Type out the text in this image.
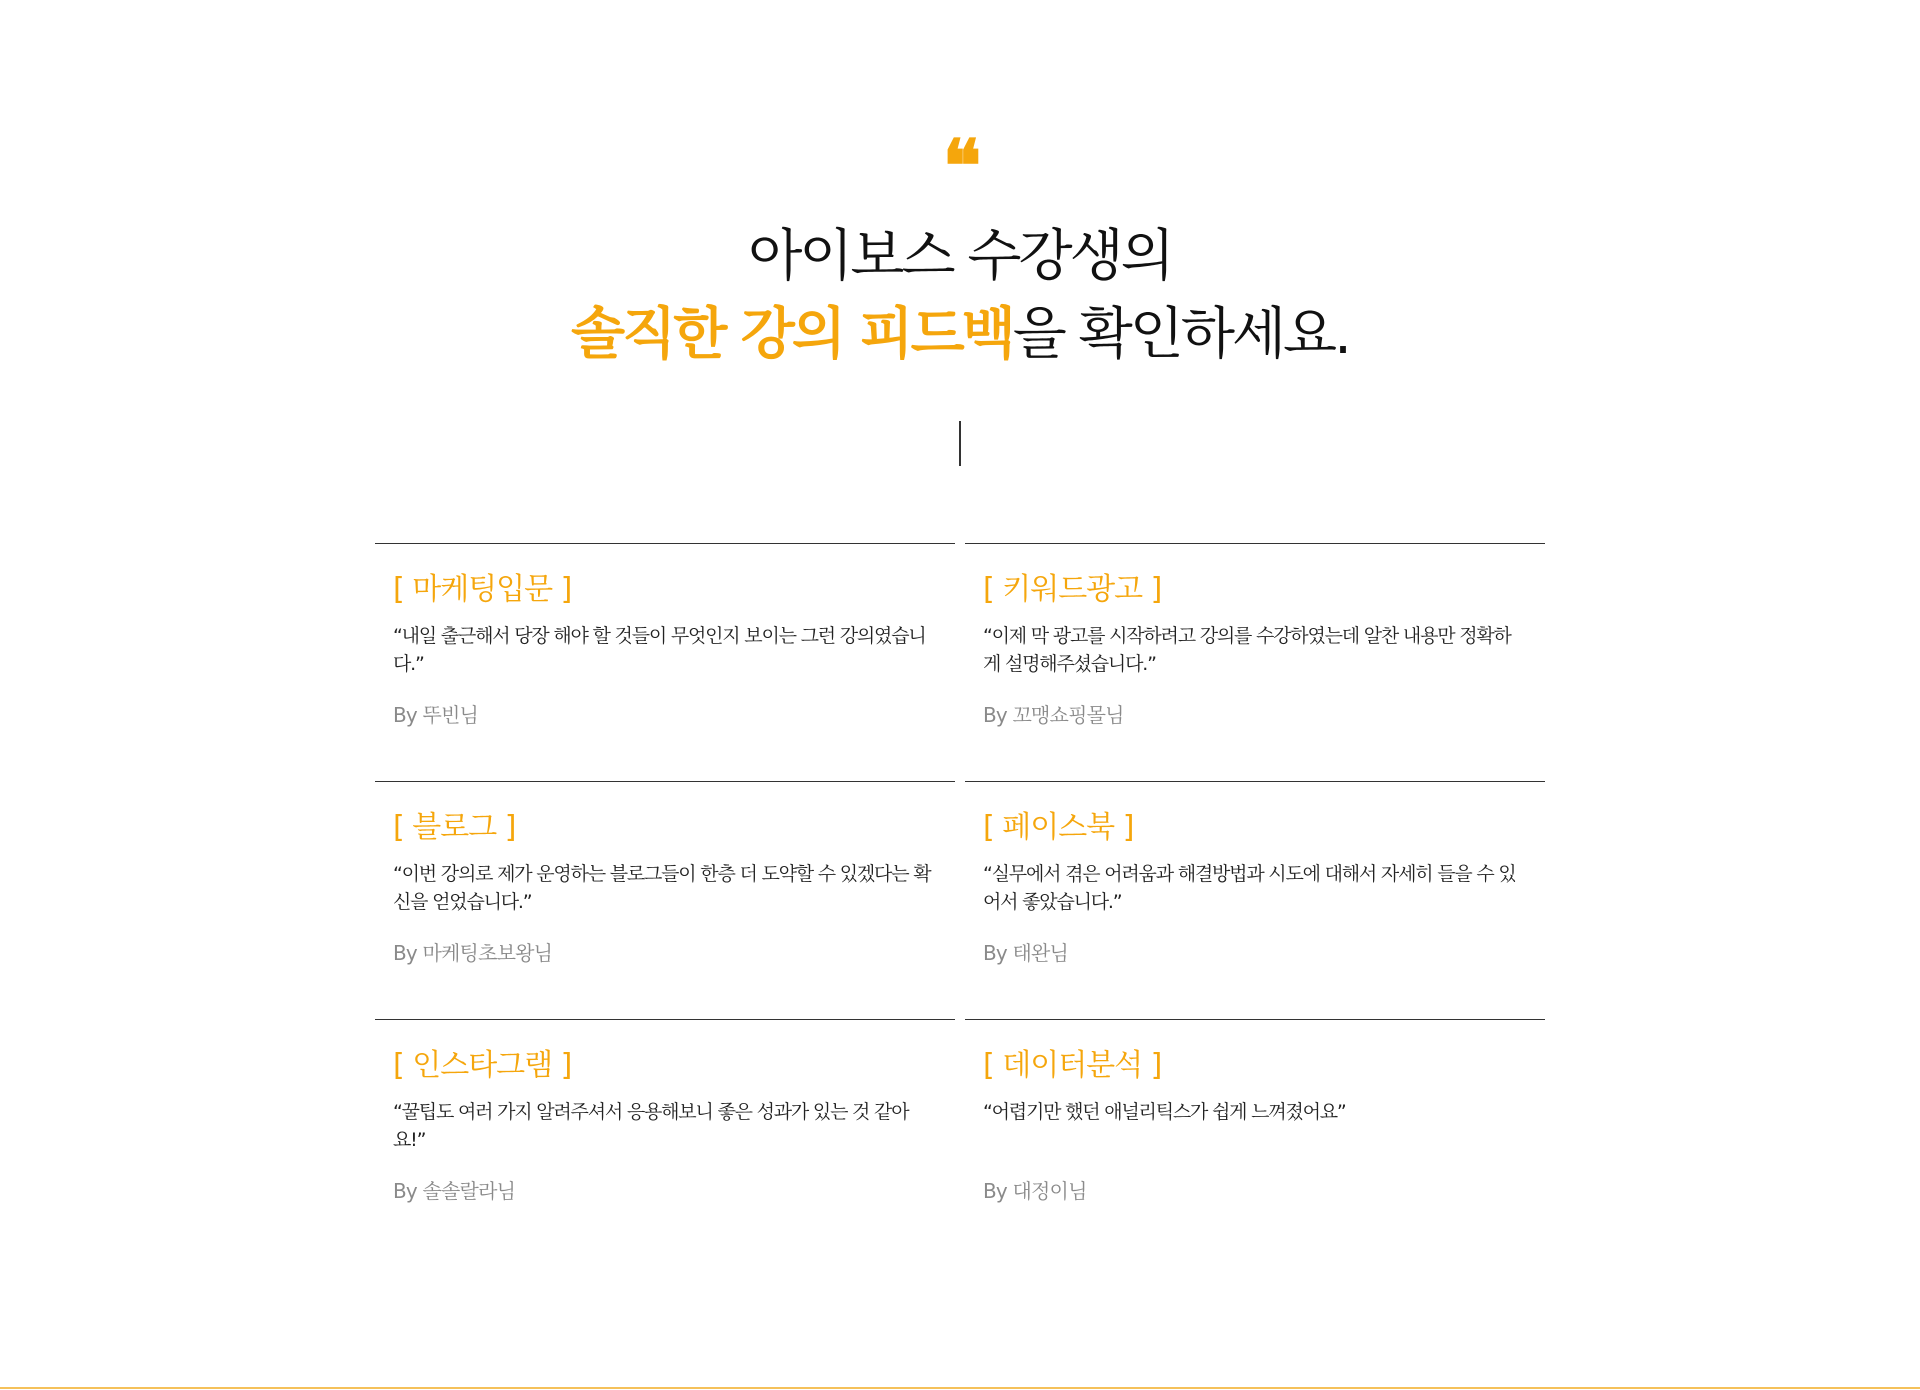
❝
아이보스 수강생의
솔직한 강의 피드백을 확인하세요.

[ 마케팅입문 ]

“내일 출근해서 당장 해야 할 것들이 무엇인지 보이는 그런 강의였습니다.”
By 뚜빈님

[ 키워드광고 ]

“이제 막 광고를 시작하려고 강의를 수강하였는데 알찬 내용만 정확하게 설명해주셨습니다.”
By 꼬맹쇼핑몰님

[ 블로그 ]

“이번 강의로 제가 운영하는 블로그들이 한층 더 도약할 수 있겠다는 확신을 얻었습니다.”
By 마케팅초보왕님

[ 페이스북 ]

“실무에서 겪은 어려움과 해결방법과 시도에 대해서 자세히 들을 수 있어서 좋았습니다.”
By 태완님

[ 인스타그램 ]

“꿀팁도 여러 가지 알려주셔서 응용해보니 좋은 성과가 있는 것 같아요!”
By 솔솔랄라님

[ 데이터분석 ]

“어렵기만 했던 애널리틱스가 쉽게 느껴졌어요”
By 대정이님
